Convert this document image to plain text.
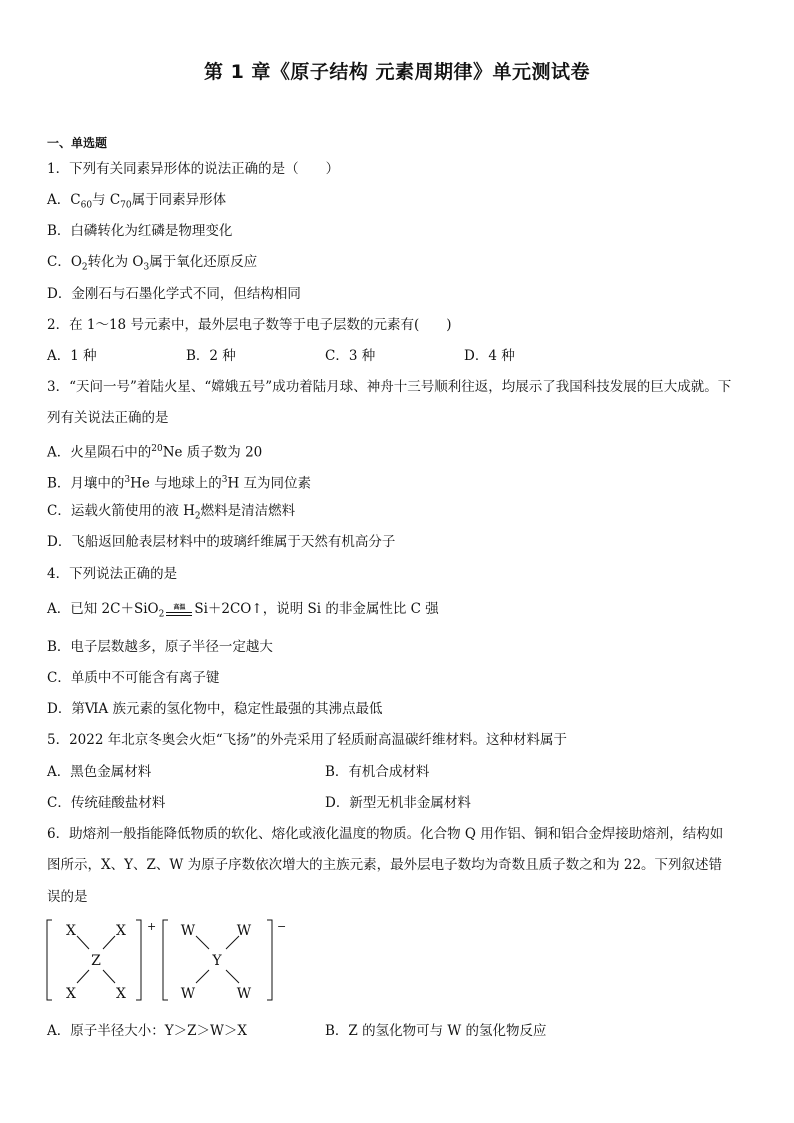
第 1 章《原子结构 元素周期律》单元测试卷
一、单选题
1．下列有关同素异形体的说法正确的是（　　）
A．$C_{60}$与 $C_{70}$属于同素异形体
B．白磷转化为红磷是物理变化
C．$O_2$转化为 $O_3$属于氧化还原反应
D．金刚石与石墨化学式不同，但结构相同
2．在 1～18 号元素中，最外层电子数等于电子层数的元素有(　　)
A．1 种	B．2 种	C．3 种	D．4 种
3．“天问一号”着陆火星、“嫦娥五号”成功着陆月球、神舟十三号顺利往返，均展示了我国科技发展的巨大成就。下
列有关说法正确的是
A．火星陨石中的$^{20}$Ne 质子数为 20
B．月壤中的$^3$He 与地球上的$^3$H 互为同位素
C．运载火箭使用的液 $H_2$燃料是清洁燃料
D．飞船返回舱表层材料中的玻璃纤维属于天然有机高分子
4．下列说法正确的是
A．已知 2C＋SiO$_2$
高温 Si＋2CO↑，说明 Si 的非金属性比 C 强
B．电子层数越多，原子半径一定越大
C．单质中不可能含有离子键
D．第ⅥA 族元素的氢化物中，稳定性最强的其沸点最低
5．2022 年北京冬奥会火炬“飞扬”的外壳采用了轻质耐高温碳纤维材料。这种材料属于
A．黑色金属材料	B．有机合成材料
C．传统硅酸盐材料	D．新型无机非金属材料
6．助熔剂一般指能降低物质的软化、熔化或液化温度的物质。化合物 Q 用作铝、铜和铝合金焊接助熔剂，结构如
图所示，X、Y、Z、W 为原子序数依次增大的主族元素，最外层电子数均为奇数且质子数之和为 22。下列叙述错
误的是
X	X
Z
X	X
+ W	W
Y
W	W
−
A．原子半径大小：Y＞Z＞W＞X	B．Z 的氢化物可与 W 的氢化物反应
